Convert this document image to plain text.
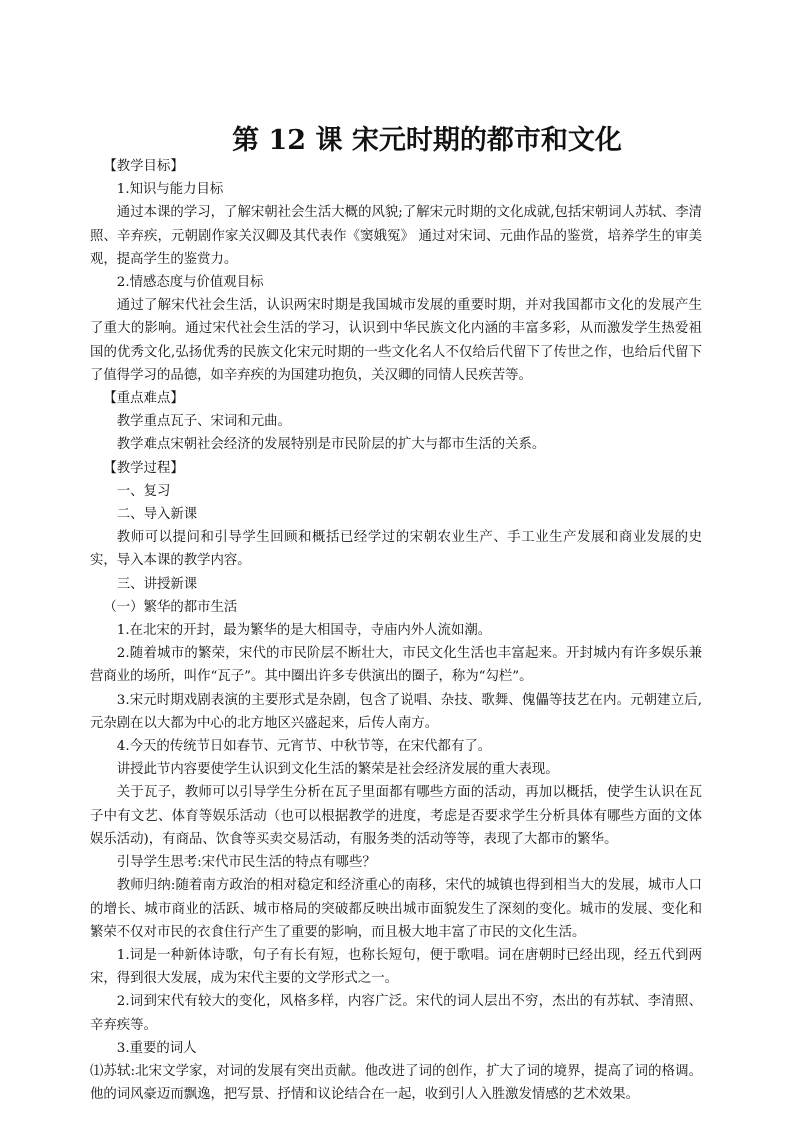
第 12 课 宋元时期的都市和文化

【教学目标】

1.知识与能力目标

通过本课的学习，了解宋朝社会生活大概的风貌;了解宋元时期的文化成就,包括宋朝词人苏轼、李清照、辛弃疾，元朝剧作家关汉卿及其代表作《窦娥冤》 通过对宋词、元曲作品的鉴赏，培养学生的审美观，提高学生的鉴赏力。

2.情感态度与价值观目标

通过了解宋代社会生活，认识两宋时期是我国城市发展的重要时期，并对我国都市文化的发展产生了重大的影响。通过宋代社会生活的学习，认识到中华民族文化内涵的丰富多彩，从而激发学生热爱祖国的优秀文化,弘扬优秀的民族文化宋元时期的一些文化名人不仅给后代留下了传世之作，也给后代留下了值得学习的品德，如辛弃疾的为国建功抱负，关汉卿的同情人民疾苦等。

【重点难点】

教学重点瓦子、宋词和元曲。

教学难点宋朝社会经济的发展特别是市民阶层的扩大与都市生活的关系。

【教学过程】

一、复习

二、导入新课

教师可以提问和引导学生回顾和概括已经学过的宋朝农业生产、手工业生产发展和商业发展的史实，导入本课的教学内容。

三、讲授新课

（一）繁华的都市生活

1.在北宋的开封，最为繁华的是大相国寺，寺庙内外人流如潮。

2.随着城市的繁荣，宋代的市民阶层不断壮大，市民文化生活也丰富起来。开封城内有许多娱乐兼营商业的场所，叫作“瓦子”。其中圈出许多专供演出的圈子，称为“勾栏”。

3.宋元时期戏剧表演的主要形式是杂剧，包含了说唱、杂技、歌舞、傀儡等技艺在内。元朝建立后,元杂剧在以大都为中心的北方地区兴盛起来，后传人南方。

4.今天的传统节日如春节、元宵节、中秋节等，在宋代都有了。

讲授此节内容要使学生认识到文化生活的繁荣是社会经济发展的重大表现。

关于瓦子，教师可以引导学生分析在瓦子里面都有哪些方面的活动，再加以概括，使学生认识在瓦子中有文艺、体育等娱乐活动（也可以根据教学的进度，考虑是否要求学生分析具体有哪些方面的文体娱乐活动)，有商品、饮食等买卖交易活动，有服务类的活动等等，表现了大都市的繁华。

引导学生思考:宋代市民生活的特点有哪些？

教师归纳:随着南方政治的相对稳定和经济重心的南移，宋代的城镇也得到相当大的发展，城市人口的增长、城市商业的活跃、城市格局的突破都反映出城市面貌发生了深刻的变化。城市的发展、变化和繁荣不仅对市民的衣食住行产生了重要的影响，而且极大地丰富了市民的文化生活。

1.词是一种新体诗歌，句子有长有短，也称长短句，便于歌唱。词在唐朝时已经出现，经五代到两宋，得到很大发展，成为宋代主要的文学形式之一。

2.词到宋代有较大的变化，风格多样，内容广泛。宋代的词人层出不穷，杰出的有苏轼、李清照、辛弃疾等。

3.重要的词人

⑴苏轼:北宋文学家，对词的发展有突出贡献。他改进了词的创作，扩大了词的境界，提高了词的格调。他的词风豪迈而飘逸，把写景、抒情和议论结合在一起，收到引人入胜激发情感的艺术效果。
